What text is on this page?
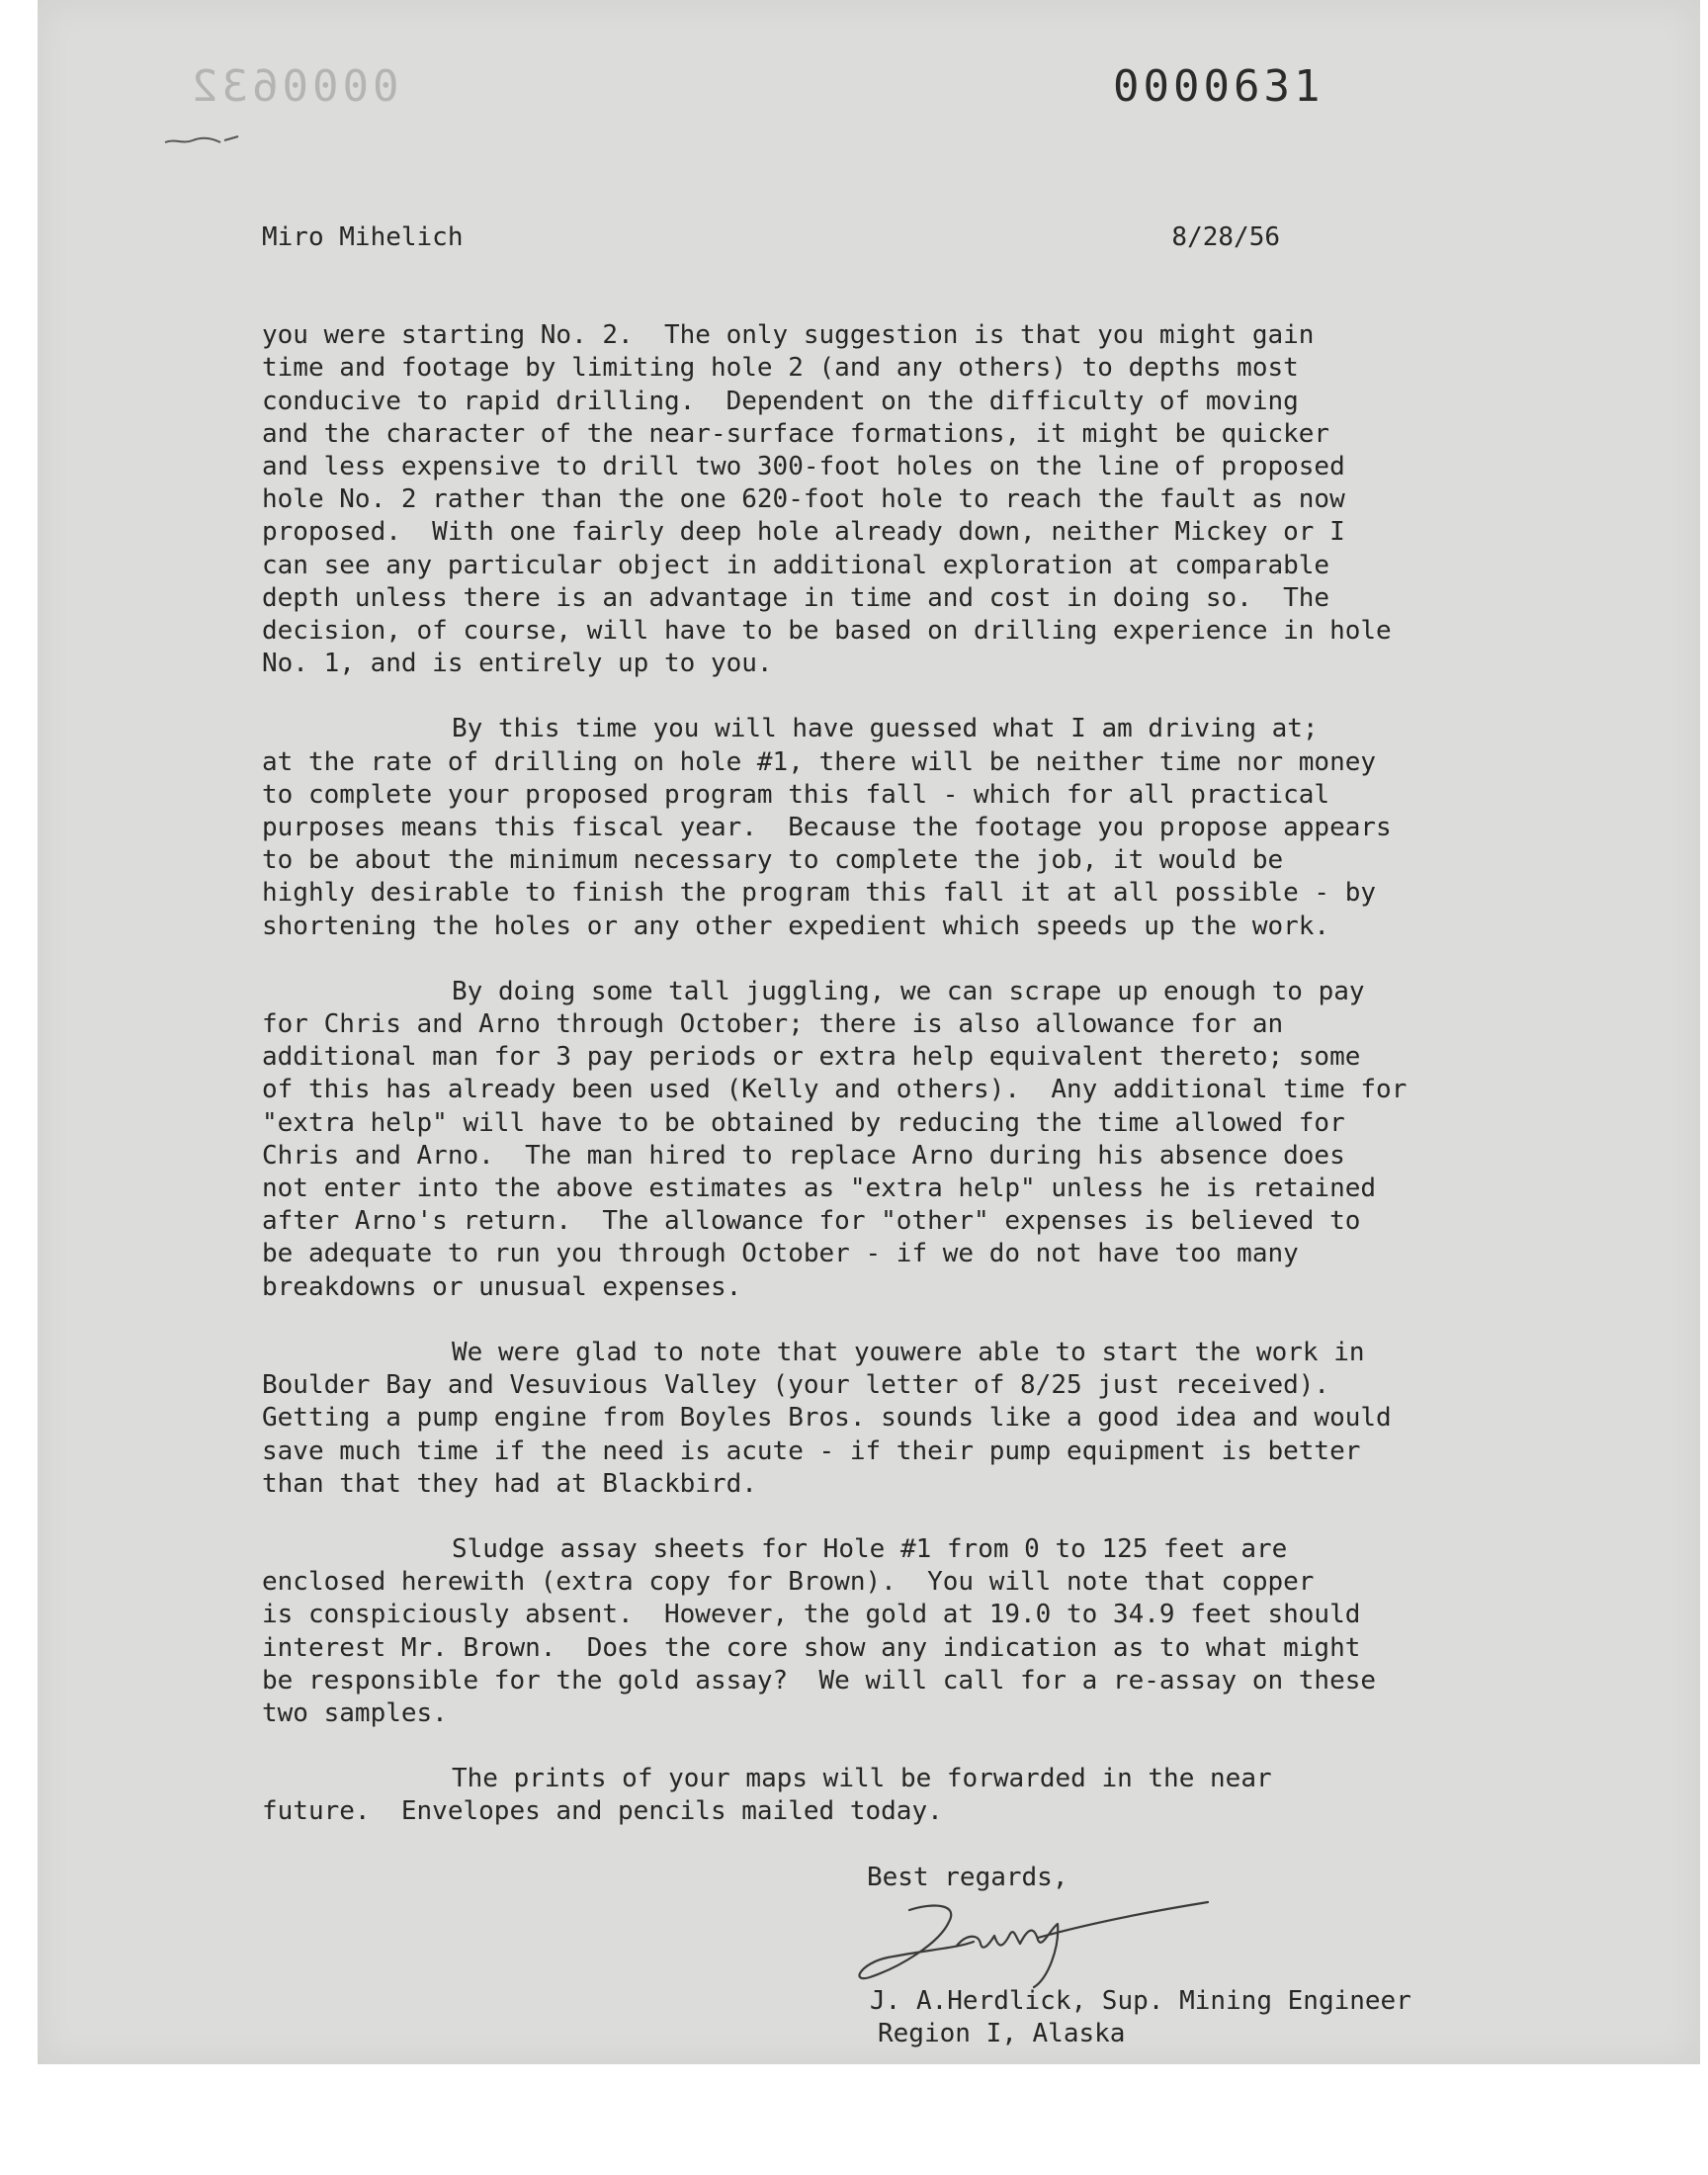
0000632	0000631
Miro Mihelich	8/28/56

you were starting No. 2.  The only suggestion is that you might gain
time and footage by limiting hole 2 (and any others) to depths most
conducive to rapid drilling.  Dependent on the difficulty of moving
and the character of the near-surface formations, it might be quicker
and less expensive to drill two 300-foot holes on the line of proposed
hole No. 2 rather than the one 620-foot hole to reach the fault as now
proposed.  With one fairly deep hole already down, neither Mickey or I
can see any particular object in additional exploration at comparable
depth unless there is an advantage in time and cost in doing so.  The
decision, of course, will have to be based on drilling experience in hole
No. 1, and is entirely up to you.

By this time you will have guessed what I am driving at;
at the rate of drilling on hole #1, there will be neither time nor money
to complete your proposed program this fall - which for all practical
purposes means this fiscal year.  Because the footage you propose appears
to be about the minimum necessary to complete the job, it would be
highly desirable to finish the program this fall it at all possible - by
shortening the holes or any other expedient which speeds up the work.

By doing some tall juggling, we can scrape up enough to pay
for Chris and Arno through October; there is also allowance for an
additional man for 3 pay periods or extra help equivalent thereto; some
of this has already been used (Kelly and others).  Any additional time for
"extra help" will have to be obtained by reducing the time allowed for
Chris and Arno.  The man hired to replace Arno during his absence does
not enter into the above estimates as "extra help" unless he is retained
after Arno's return.  The allowance for "other" expenses is believed to
be adequate to run you through October - if we do not have too many
breakdowns or unusual expenses.

We were glad to note that youwere able to start the work in
Boulder Bay and Vesuvious Valley (your letter of 8/25 just received).
Getting a pump engine from Boyles Bros. sounds like a good idea and would
save much time if the need is acute - if their pump equipment is better
than that they had at Blackbird.

Sludge assay sheets for Hole #1 from 0 to 125 feet are
enclosed herewith (extra copy for Brown).  You will note that copper
is conspiciously absent.  However, the gold at 19.0 to 34.9 feet should
interest Mr. Brown.  Does the core show any indication as to what might
be responsible for the gold assay?  We will call for a re-assay on these
two samples.

The prints of your maps will be forwarded in the near
future.  Envelopes and pencils mailed today.

Best regards,

J. A.Herdlick, Sup. Mining Engineer
Region I, Alaska
